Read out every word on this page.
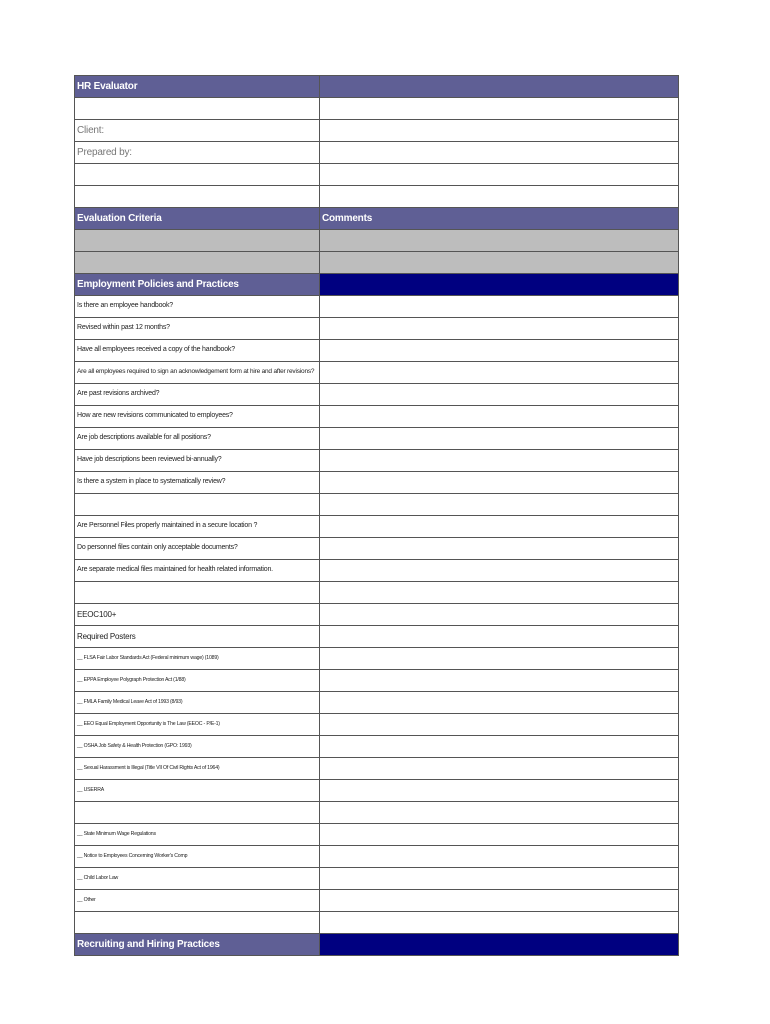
HR Evaluator
Client:
Prepared by:
Evaluation Criteria	Comments
Employment Policies and Practices
Is there an employee handbook?
Revised within past 12 months?
Have all employees received a copy of the handbook?
Are all employees required to sign an acknowledgement form at hire and after revisions?
Are past revisions archived?
How are new revisions communicated to employees?
Are job descriptions available for all positions?
Have job descriptions been reviewed bi-annually?
Is there a system in place to systematically review?
Are Personnel Files properly maintained in a secure location ?
Do personnel files contain only acceptable documents?
Are separate medical files maintained for health related information.
EEOC 100+
Required Posters
__ FLSA Fair Labor Standards Act (Federal minimum wage) (1089)
__ EPPA Employee Polygraph Protection Act (1/88)
__ FMLA Family Medical Leave Act of 1993 (8/93)
__ EEO Equal Employment Opportunity is The Law (EEOC - P/E-1)
__ OSHA Job Safety & Health Protection (GPO: 1993)
__ Sexual Harassment is Illegal (Title VII Of Civil Rights Act of 1964)
__ USERRA
__ State Minimum Wage Regulations
__ Notice to Employees Concerning Worker's Comp
__ Child Labor Law
__ Other
Recruiting and Hiring Practices
